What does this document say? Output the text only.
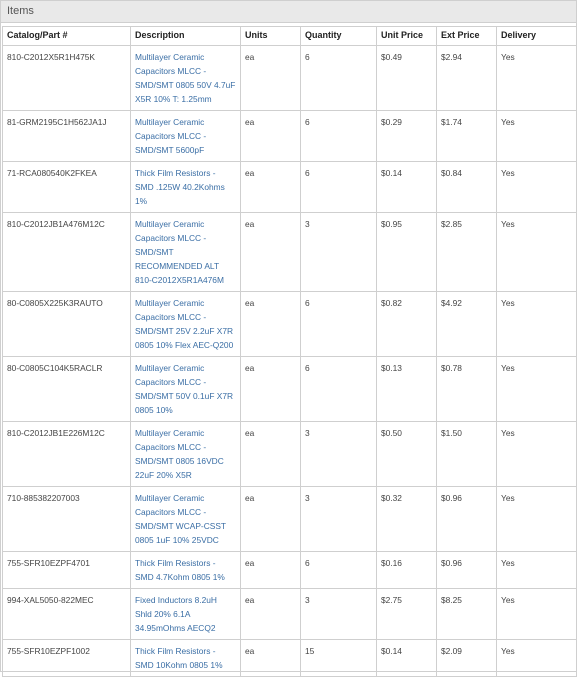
Items
Catalog/Part #	Description	Units	Quantity	Unit Price	Ext Price	Delivery
810-C2012X5R1H475K	Multilayer Ceramic Capacitors MLCC - SMD/SMT 0805 50V 4.7uF X5R 10% T: 1.25mm	ea	6	$0.49	$2.94	Yes
81-GRM2195C1H562JA1J	Multilayer Ceramic Capacitors MLCC - SMD/SMT 5600pF	ea	6	$0.29	$1.74	Yes
71-RCA080540K2FKEA	Thick Film Resistors - SMD .125W 40.2Kohms 1%	ea	6	$0.14	$0.84	Yes
810-C2012JB1A476M12C	Multilayer Ceramic Capacitors MLCC - SMD/SMT RECOMMENDED ALT 810-C2012X5R1A476M	ea	3	$0.95	$2.85	Yes
80-C0805X225K3RAUTO	Multilayer Ceramic Capacitors MLCC - SMD/SMT 25V 2.2uF X7R 0805 10% Flex AEC-Q200	ea	6	$0.82	$4.92	Yes
80-C0805C104K5RACLR	Multilayer Ceramic Capacitors MLCC - SMD/SMT 50V 0.1uF X7R 0805 10%	ea	6	$0.13	$0.78	Yes
810-C2012JB1E226M12C	Multilayer Ceramic Capacitors MLCC - SMD/SMT 0805 16VDC 22uF 20% X5R	ea	3	$0.50	$1.50	Yes
710-885382207003	Multilayer Ceramic Capacitors MLCC - SMD/SMT WCAP-CSST 0805 1uF 10% 25VDC	ea	3	$0.32	$0.96	Yes
755-SFR10EZPF4701	Thick Film Resistors - SMD 4.7Kohm 0805 1%	ea	6	$0.16	$0.96	Yes
994-XAL5050-822MEC	Fixed Inductors 8.2uH Shld 20% 6.1A 34.95mOhms AECQ2	ea	3	$2.75	$8.25	Yes
755-SFR10EZPF1002	Thick Film Resistors - SMD 10Kohm 0805 1%	ea	15	$0.14	$2.09	Yes
